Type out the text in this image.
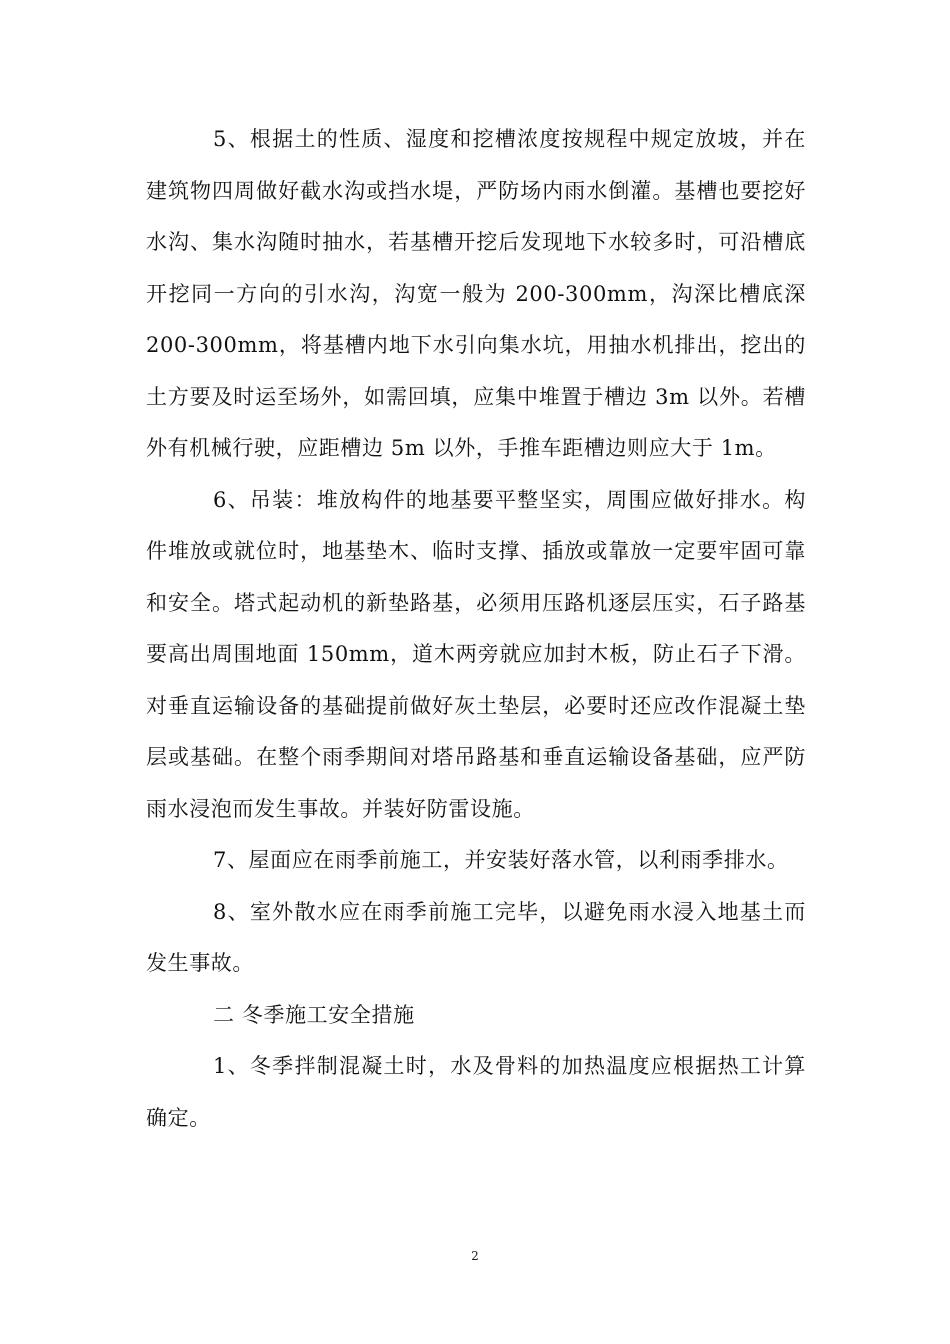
5、根据土的性质、湿度和挖槽浓度按规程中规定放坡，并在建筑物四周做好截水沟或挡水堤，严防场内雨水倒灌。基槽也要挖好水沟、集水沟随时抽水，若基槽开挖后发现地下水较多时，可沿槽底开挖同一方向的引水沟，沟宽一般为 200-300mm，沟深比槽底深 200-300mm，将基槽内地下水引向集水坑，用抽水机排出，挖出的土方要及时运至场外，如需回填，应集中堆置于槽边 3m 以外。若槽外有机械行驶，应距槽边 5m 以外，手推车距槽边则应大于 1m。

6、吊装：堆放构件的地基要平整坚实，周围应做好排水。构件堆放或就位时，地基垫木、临时支撑、插放或靠放一定要牢固可靠和安全。塔式起动机的新垫路基，必须用压路机逐层压实，石子路基要高出周围地面 150mm，道木两旁就应加封木板，防止石子下滑。对垂直运输设备的基础提前做好灰土垫层，必要时还应改作混凝土垫层或基础。在整个雨季期间对塔吊路基和垂直运输设备基础，应严防雨水浸泡而发生事故。并装好防雷设施。

7、屋面应在雨季前施工，并安装好落水管，以利雨季排水。

8、室外散水应在雨季前施工完毕，以避免雨水浸入地基土而发生事故。

二 冬季施工安全措施

1、冬季拌制混凝土时，水及骨料的加热温度应根据热工计算确定。

2
